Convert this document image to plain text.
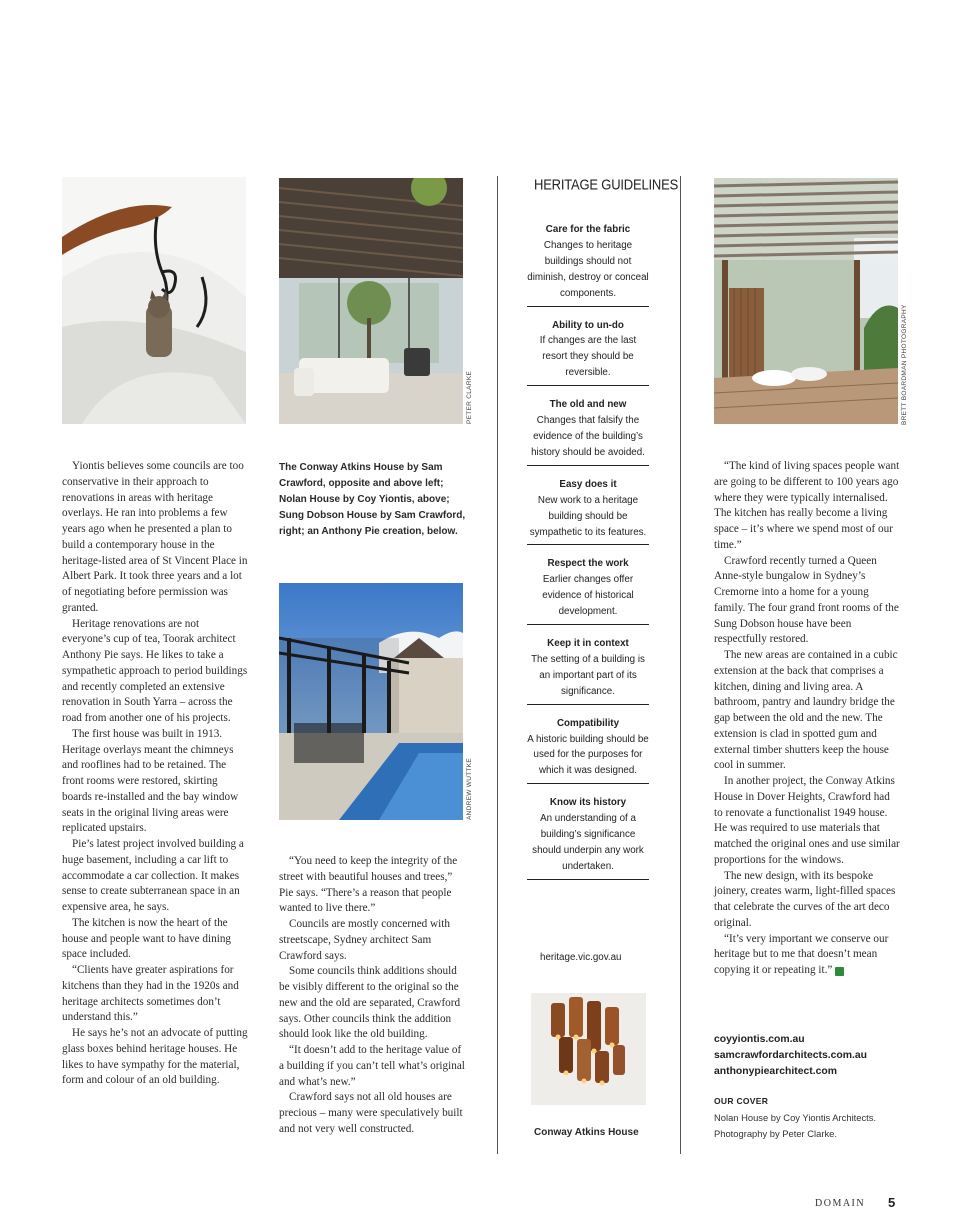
PETER CLARKE
ANDREW WUTTKE
BRETT BOARDMAN PHOTOGRAPHY
The Conway Atkins House by Sam Crawford, opposite and above left; Nolan House by Coy Yiontis, above; Sung Dobson House by Sam Crawford, right; an Anthony Pie creation, below.
Conway Atkins House

Yiontis believes some councils are too conservative in their approach to renovations in areas with heritage overlays. He ran into problems a few years ago when he presented a plan to build a contemporary house in the heritage-listed area of St Vincent Place in Albert Park. It took three years and a lot of negotiating before permission was granted.

Heritage renovations are not everyone’s cup of tea, Toorak architect Anthony Pie says. He likes to take a sympathetic approach to period buildings and recently completed an extensive renovation in South Yarra – across the road from another one of his projects.

The first house was built in 1913. Heritage overlays meant the chimneys and rooflines had to be retained. The front rooms were restored, skirting boards re-installed and the bay window seats in the original living areas were replicated upstairs.

Pie’s latest project involved building a huge basement, including a car lift to accommodate a car collection. It makes sense to create subterranean space in an expensive area, he says.

The kitchen is now the heart of the house and people want to have dining space included.

“Clients have greater aspirations for kitchens than they had in the 1920s and heritage architects sometimes don’t understand this.”

He says he’s not an advocate of putting glass boxes behind heritage houses. He likes to have sympathy for the material, form and colour of an old building.

“You need to keep the integrity of the street with beautiful houses and trees,” Pie says. “There’s a reason that people wanted to live there.”

Councils are mostly concerned with streetscape, Sydney architect Sam Crawford says.

Some councils think additions should be visibly different to the original so the new and the old are separated, Crawford says. Other councils think the addition should look like the old building.

“It doesn’t add to the heritage value of a building if you can’t tell what’s original and what’s new.”

Crawford says not all old houses are precious – many were speculatively built and not very well constructed.

“The kind of living spaces people want are going to be different to 100 years ago where they were typically internalised. The kitchen has really become a living space – it’s where we spend most of our time.”

Crawford recently turned a Queen Anne-style bungalow in Sydney’s Cremorne into a home for a young family. The four grand front rooms of the Sung Dobson house have been respectfully restored.

The new areas are contained in a cubic extension at the back that comprises a kitchen, dining and living area. A bathroom, pantry and laundry bridge the gap between the old and the new. The extension is clad in spotted gum and external timber shutters keep the house cool in summer.

In another project, the Conway Atkins House in Dover Heights, Crawford had to renovate a functionalist 1949 house. He was required to use materials that matched the original ones and use similar proportions for the windows.

The new design, with its bespoke joinery, creates warm, light-filled spaces that celebrate the curves of the art deco original.

“It’s very important we conserve our heritage but to me that doesn’t mean copying it or repeating it.” D

HERITAGE GUIDELINES
Care for the fabric
Changes to heritage buildings should not diminish, destroy or conceal components.
Ability to un-do
If changes are the last resort they should be reversible.
The old and new
Changes that falsify the evidence of the building’s history should be avoided.
Easy does it
New work to a heritage building should be sympathetic to its features.
Respect the work
Earlier changes offer evidence of historical development.
Keep it in context
The setting of a building is an important part of its significance.
Compatibility
A historic building should be used for the purposes for which it was designed.
Know its history
An understanding of a building’s significance should underpin any work undertaken.
heritage.vic.gov.au
coyyiontis.com.au
samcrawfordarchitects.com.au
anthonypiearchitect.com
OUR COVER
Nolan House by Coy Yiontis Architects. Photography by Peter Clarke.
DOMAIN 5
